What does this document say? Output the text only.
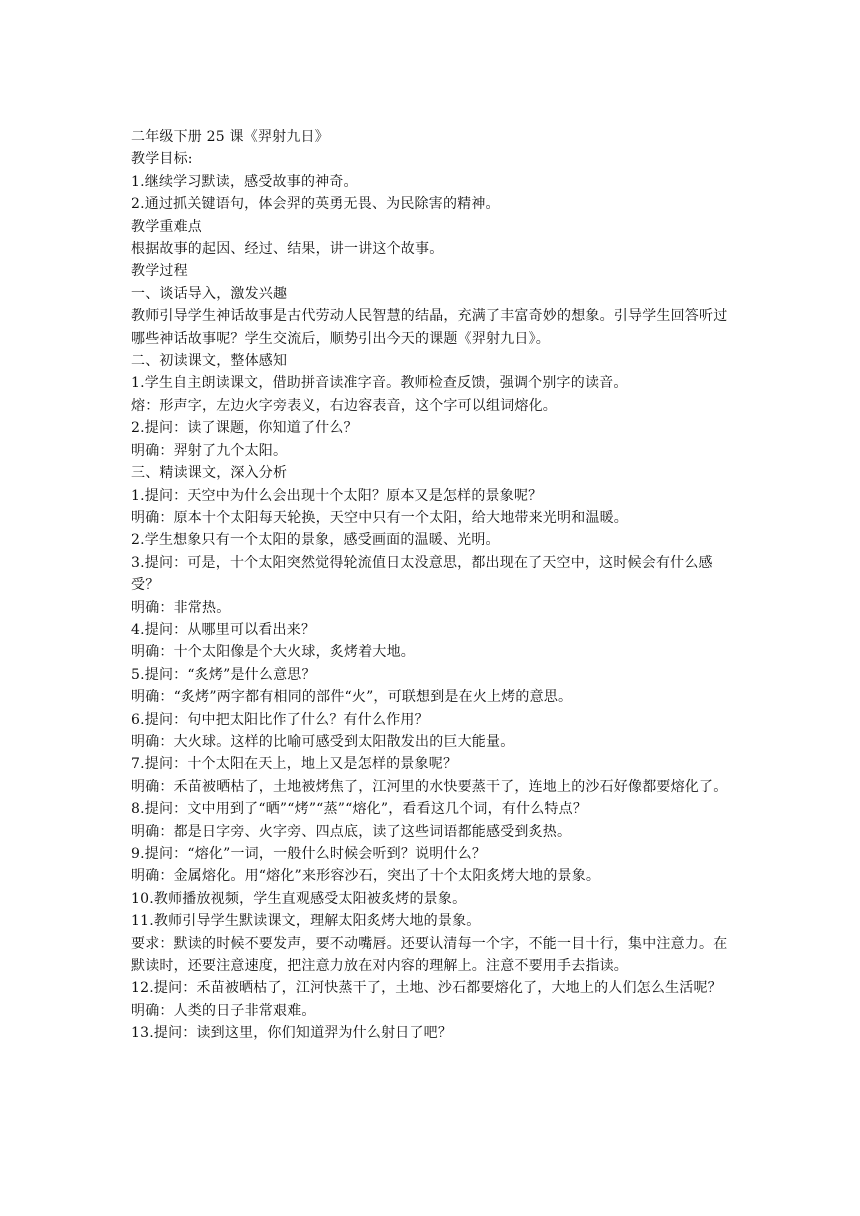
二年级下册 25 课《羿射九日》
教学目标:
1.继续学习默读，感受故事的神奇。
2.通过抓关键语句，体会羿的英勇无畏、为民除害的精神。
教学重难点
根据故事的起因、经过、结果，讲一讲这个故事。
教学过程
一、谈话导入，激发兴趣
教师引导学生神话故事是古代劳动人民智慧的结晶，充满了丰富奇妙的想象。引导学生回答听过哪些神话故事呢？学生交流后，顺势引出今天的课题《羿射九日》。
二、初读课文，整体感知
1.学生自主朗读课文，借助拼音读准字音。教师检查反馈，强调个别字的读音。
熔：形声字，左边火字旁表义，右边容表音，这个字可以组词熔化。
2.提问：读了课题，你知道了什么？
明确：羿射了九个太阳。
三、精读课文，深入分析
1.提问：天空中为什么会出现十个太阳？原本又是怎样的景象呢？
明确：原本十个太阳每天轮换，天空中只有一个太阳，给大地带来光明和温暖。
2.学生想象只有一个太阳的景象，感受画面的温暖、光明。
3.提问：可是，十个太阳突然觉得轮流值日太没意思，都出现在了天空中，这时候会有什么感受？
明确：非常热。
4.提问：从哪里可以看出来？
明确：十个太阳像是个大火球，炙烤着大地。
5.提问：“炙烤”是什么意思？
明确：“炙烤”两字都有相同的部件“火”，可联想到是在火上烤的意思。
6.提问：句中把太阳比作了什么？有什么作用？
明确：大火球。这样的比喻可感受到太阳散发出的巨大能量。
7.提问：十个太阳在天上，地上又是怎样的景象呢？
明确：禾苗被晒枯了，土地被烤焦了，江河里的水快要蒸干了，连地上的沙石好像都要熔化了。
8.提问：文中用到了“晒”“烤”“蒸”“熔化”，看看这几个词，有什么特点？
明确：都是日字旁、火字旁、四点底，读了这些词语都能感受到炙热。
9.提问：“熔化”一词，一般什么时候会听到？说明什么？
明确：金属熔化。用“熔化”来形容沙石，突出了十个太阳炙烤大地的景象。
10.教师播放视频，学生直观感受太阳被炙烤的景象。
11.教师引导学生默读课文，理解太阳炙烤大地的景象。
要求：默读的时候不要发声，要不动嘴唇。还要认清每一个字，不能一目十行，集中注意力。在默读时，还要注意速度，把注意力放在对内容的理解上。注意不要用手去指读。
12.提问：禾苗被晒枯了，江河快蒸干了，土地、沙石都要熔化了，大地上的人们怎么生活呢？
明确：人类的日子非常艰难。
13.提问：读到这里，你们知道羿为什么射日了吧？
